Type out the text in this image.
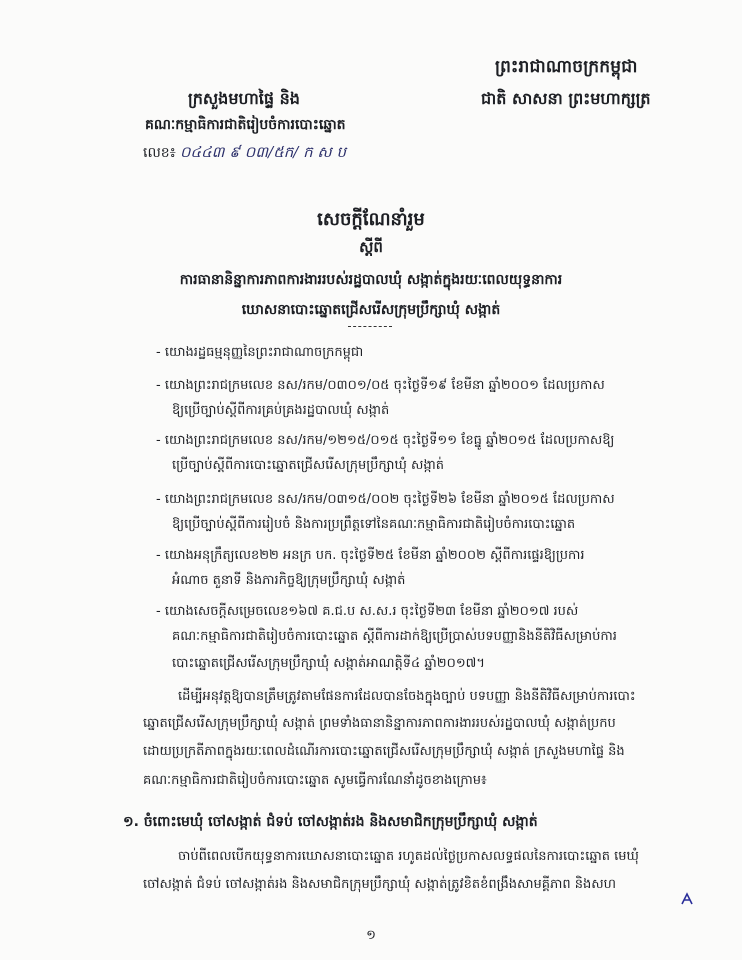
ព្រះរាជាណាចក្រកម្ពុជា
ជាតិ សាសនា ព្រះមហាក្សត្រ
ក្រសួងមហាផ្ទៃ និង
គណៈកម្មាធិការជាតិរៀបចំការបោះឆ្នោត
លេខ៖ ០៤៤៣ ៩ ០៣/៥ក/ ក ស ប
សេចក្តីណែនាំរួម
ស្តីពី
ការធានានិន្នាការភាពការងាររបស់រដ្ឋបាលឃុំ សង្កាត់ក្នុងរយៈពេលយុទ្ធនាការ
ឃោសនាបោះឆ្នោតជ្រើសរើសក្រុមប្រឹក្សាឃុំ សង្កាត់
- យោងរដ្ឋធម្មនុញ្ញនៃព្រះរាជាណាចក្រកម្ពុជា
- យោងព្រះរាជក្រមលេខ នស/រកម/០៣០១/០៥ ចុះថ្ងៃទី១៩ ខែមីនា ឆ្នាំ២០០១ ដែលប្រកាស
ឱ្យប្រើច្បាប់ស្តីពីការគ្រប់គ្រងរដ្ឋបាលឃុំ សង្កាត់
- យោងព្រះរាជក្រមលេខ នស/រកម/១២១៥/០១៥ ចុះថ្ងៃទី១១ ខែធ្នូ ឆ្នាំ២០១៥ ដែលប្រកាសឱ្យ
ប្រើច្បាប់ស្តីពីការបោះឆ្នោតជ្រើសរើសក្រុមប្រឹក្សាឃុំ សង្កាត់
- យោងព្រះរាជក្រមលេខ នស/រកម/០៣១៥/០០២ ចុះថ្ងៃទី២៦ ខែមីនា ឆ្នាំ២០១៥ ដែលប្រកាស
ឱ្យប្រើច្បាប់ស្តីពីការរៀបចំ និងការប្រព្រឹត្តទៅនៃគណៈកម្មាធិការជាតិរៀបចំការបោះឆ្នោត
- យោងអនុក្រឹត្យលេខ២២ អនក្រ បក. ចុះថ្ងៃទី២៥ ខែមីនា ឆ្នាំ២០០២ ស្តីពីការផ្ទេរឱ្យប្រការ
អំណាច តួនាទី និងភារកិច្ចឱ្យក្រុមប្រឹក្សាឃុំ សង្កាត់
- យោងសេចក្តីសម្រេចលេខ១៦៧ គ.ជ.ប ស.ស.រ ចុះថ្ងៃទី២៣ ខែមីនា ឆ្នាំ២០១៧ របស់
គណៈកម្មាធិការជាតិរៀបចំការបោះឆ្នោត ស្តីពីការដាក់ឱ្យប្រើប្រាស់បទបញ្ញានិងនីតិវិធីសម្រាប់ការ
បោះឆ្នោតជ្រើសរើសក្រុមប្រឹក្សាឃុំ សង្កាត់អាណត្តិទី៤ ឆ្នាំ២០១៧។
ដើម្បីអនុវត្តឱ្យបានត្រឹមត្រូវតាមផែនការដែលបានចែងក្នុងច្បាប់ បទបញ្ញា និងនីតិវិធីសម្រាប់ការបោះ
ឆ្នោតជ្រើសរើសក្រុមប្រឹក្សាឃុំ សង្កាត់ ព្រមទាំងធានានិន្នាការភាពការងាររបស់រដ្ឋបាលឃុំ សង្កាត់ប្រកប
ដោយប្រក្រតីភាពក្នុងរយៈពេលដំណើរការបោះឆ្នោតជ្រើសរើសក្រុមប្រឹក្សាឃុំ សង្កាត់ ក្រសួងមហាផ្ទៃ និង
គណៈកម្មាធិការជាតិរៀបចំការបោះឆ្នោត សូមធ្វើការណែនាំដូចខាងក្រោម៖
១. ចំពោះមេឃុំ ចៅសង្កាត់ ជំទប់ ចៅសង្កាត់រង និងសមាជិកក្រុមប្រឹក្សាឃុំ សង្កាត់
ចាប់ពីពេលបើកយុទ្ធនាការឃោសនាបោះឆ្នោត រហូតដល់ថ្ងៃប្រកាសលទ្ធផលនៃការបោះឆ្នោត មេឃុំ
ចៅសង្កាត់ ជំទប់ ចៅសង្កាត់រង និងសមាជិកក្រុមប្រឹក្សាឃុំ សង្កាត់ត្រូវខិតខំពង្រឹងសាមគ្គីភាព និងសហ
១
